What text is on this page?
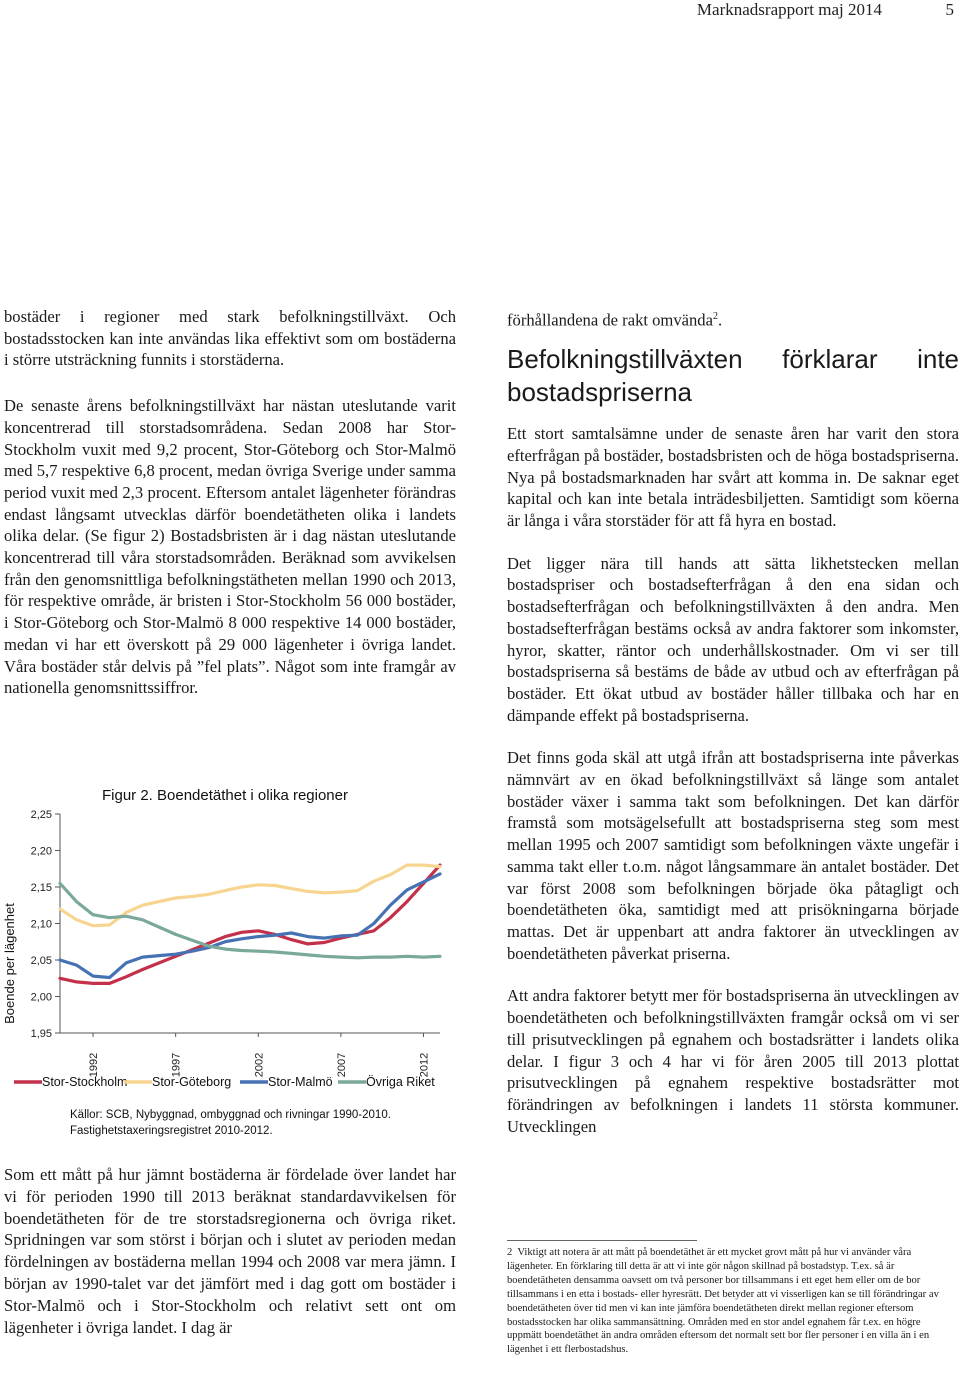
Marknadsrapport maj 2014	5

bostäder i regioner med stark befolkningstillväxt. Och bostadsstocken kan inte användas lika effektivt som om bostäderna i större utsträckning funnits i storstäderna.

De senaste årens befolkningstillväxt har nästan uteslutande varit koncentrerad till storstadsområdena. Sedan 2008 har Stor-Stockholm vuxit med 9,2 procent, Stor-Göteborg och Stor-Malmö med 5,7 respektive 6,8 procent, medan övriga Sverige under samma period vuxit med 2,3 procent. Eftersom antalet lägenheter förändras endast långsamt utvecklas därför boendetätheten olika i landets olika delar. (Se figur 2) Bostadsbristen är i dag nästan uteslutande koncentrerad till våra storstadsområden. Beräknad som avvikelsen från den genomsnittliga befolkningstätheten mellan 1990 och 2013, för respektive område, är bristen i Stor-Stockholm 56 000 bostäder, i Stor-Göteborg och Stor-Malmö 8 000 respektive 14 000 bostäder, medan vi har ett överskott på 29 000 lägenheter i övriga landet. Våra bostäder står delvis på ”fel plats”. Något som inte framgår av nationella genomsnittssiffror.

Figur 2. Boendetäthet i olika regioner
2,25
2,20
2,15
2,10
2,05
2,00
1,95
Boende per lägenhet
1992	1997	2002	2007	2012
Stor-Stockholm Stor-Göteborg	Stor-Malmö	Övriga Riket
Källor: SCB, Nybyggnad, ombyggnad och rivningar 1990-2010.
Fastighetstaxeringsregistret 2010-2012.
Som ett mått på hur jämnt bostäderna är fördelade över landet har vi för perioden 1990 till 2013 beräknat standardavvikelsen för boendetätheten för de tre storstadsregionerna och övriga riket. Spridningen var som störst i början och i slutet av perioden medan fördelningen av bostäderna mellan 1994 och 2008 var mera jämn. I början av 1990-talet var det jämfört med i dag gott om bostäder i Stor-Malmö och i Stor-Stockholm och relativt sett ont om lägenheter i övriga landet. I dag är

förhållandena de rakt omvända$^2$.

Befolkningstillväxten förklarar inte bostadspriserna

Ett stort samtalsämne under de senaste åren har varit den stora efterfrågan på bostäder, bostadsbristen och de höga bostadspriserna. Nya på bostadsmarknaden har svårt att komma in. De saknar eget kapital och kan inte betala inträdesbiljetten. Samtidigt som köerna är långa i våra storstäder för att få hyra en bostad.

Det ligger nära till hands att sätta likhetstecken mellan bostadspriser och bostadsefterfrågan å den ena sidan och bostadsefterfrågan och befolkningstillväxten å den andra. Men bostadsefterfrågan bestäms också av andra faktorer som inkomster, hyror, skatter, räntor och underhållskostnader. Om vi ser till bostadspriserna så bestäms de både av utbud och av efterfrågan på bostäder. Ett ökat utbud av bostäder håller tillbaka och har en dämpande effekt på bostadspriserna.

Det finns goda skäl att utgå ifrån att bostadspriserna inte påverkas nämnvärt av en ökad befolkningstillväxt så länge som antalet bostäder växer i samma takt som befolkningen. Det kan därför framstå som motsägelsefullt att bostadspriserna steg som mest mellan 1995 och 2007 samtidigt som befolkningen växte ungefär i samma takt eller t.o.m. något långsammare än antalet bostäder. Det var först 2008 som befolkningen började öka påtagligt och boendetätheten öka, samtidigt med att prisökningarna började mattas. Det är uppenbart att andra faktorer än utvecklingen av boendetätheten påverkat priserna.

Att andra faktorer betytt mer för bostadspriserna än utvecklingen av boendetätheten och befolkningstillväxten framgår också om vi ser till prisutvecklingen på egnahem och bostadsrätter i landets olika delar. I figur 3 och 4 har vi för åren 2005 till 2013 plottat prisutvecklingen på egnahem respektive bostadsrätter mot förändringen av befolkningen i landets 11 största kommuner. Utvecklingen

2 Viktigt att notera är att mått på boendetäthet är ett mycket grovt mått på hur vi använder våra lägenheter. En förklaring till detta är att vi inte gör någon skillnad på bostadstyp. T.ex. så är boendetätheten densamma oavsett om två personer bor tillsammans i ett eget hem eller om de bor tillsammans i en etta i bostads- eller hyresrätt. Det betyder att vi visserligen kan se till förändringar av boendetätheten över tid men vi kan inte jämföra boendetätheten direkt mellan regioner eftersom bostadsstocken har olika sammansättning. Områden med en stor andel egnahem får t.ex. en högre uppmätt boendetäthet än andra områden eftersom det normalt sett bor fler personer i en villa än i en lägenhet i ett flerbostadshus.
